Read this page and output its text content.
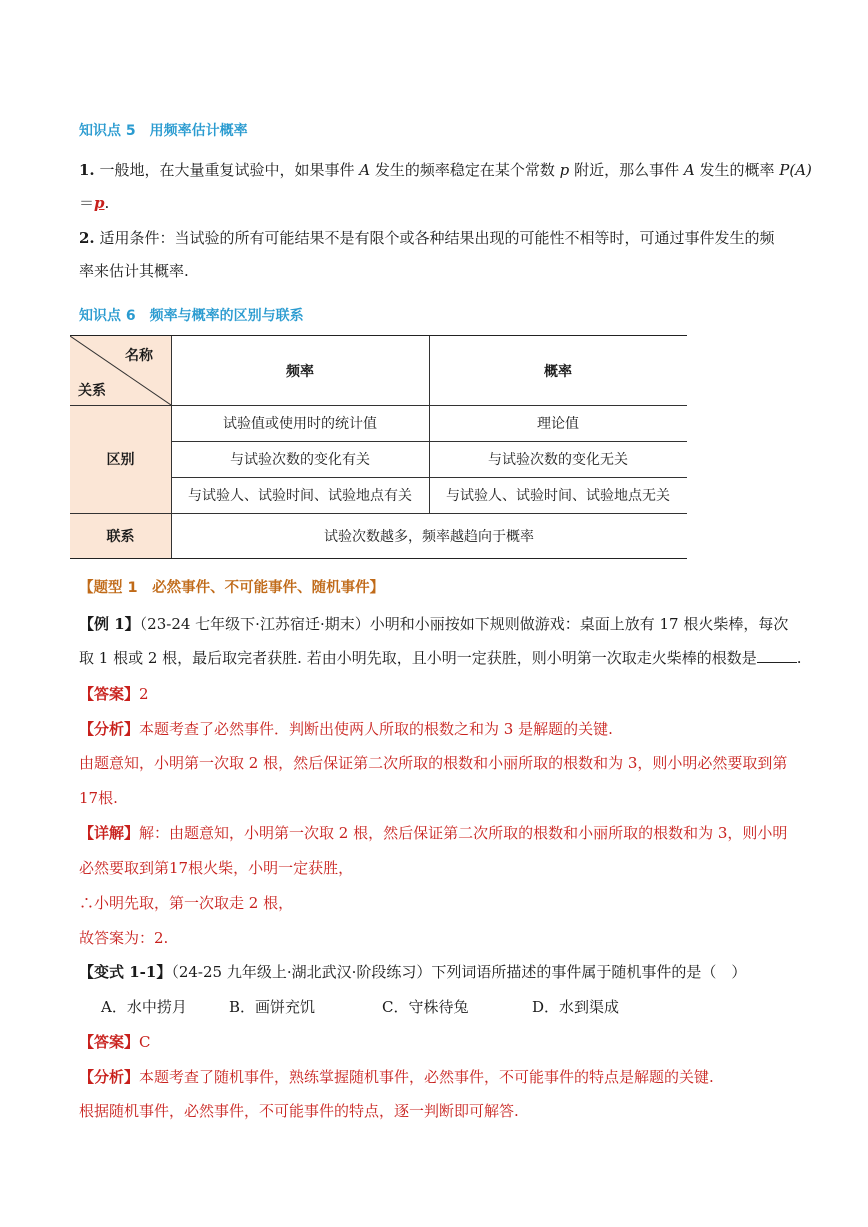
知识点 5　用频率估计概率
1. 一般地，在大量重复试验中，如果事件 A 发生的频率稳定在某个常数 p 附近，那么事件 A 发生的概率 P(A)
＝p.
2. 适用条件：当试验的所有可能结果不是有限个或各种结果出现的可能性不相等时，可通过事件发生的频
率来估计其概率.
知识点 6　频率与概率的区别与联系
名称
关系
频率	概率
区别
试验值或使用时的统计值	理论值
与试验次数的变化有关	与试验次数的变化无关
与试验人、试验时间、试验地点有关	与试验人、试验时间、试验地点无关
联系	试验次数越多，频率越趋向于概率
【题型 1　必然事件、不可能事件、随机事件】
【例 1】（23-24 七年级下·江苏宿迁·期末）小明和小丽按如下规则做游戏：桌面上放有 17 根火柴棒，每次
取 1 根或 2 根，最后取完者获胜. 若由小明先取，且小明一定获胜，则小明第一次取走火柴棒的根数是	.
【答案】2
【分析】本题考查了必然事件．判断出使两人所取的根数之和为 3 是解题的关键.
由题意知，小明第一次取 2 根，然后保证第二次所取的根数和小丽所取的根数和为 3，则小明必然要取到第
17根.
【详解】解：由题意知，小明第一次取 2 根，然后保证第二次所取的根数和小丽所取的根数和为 3，则小明
必然要取到第17根火柴，小明一定获胜，
∴小明先取，第一次取走 2 根，
故答案为：2.
【变式 1-1】（24-25 九年级上·湖北武汉·阶段练习）下列词语所描述的事件属于随机事件的是（　）
A．水中捞月	B．画饼充饥	C．守株待兔	D．水到渠成
【答案】C
【分析】本题考查了随机事件，熟练掌握随机事件，必然事件，不可能事件的特点是解题的关键.
根据随机事件，必然事件，不可能事件的特点，逐一判断即可解答.
